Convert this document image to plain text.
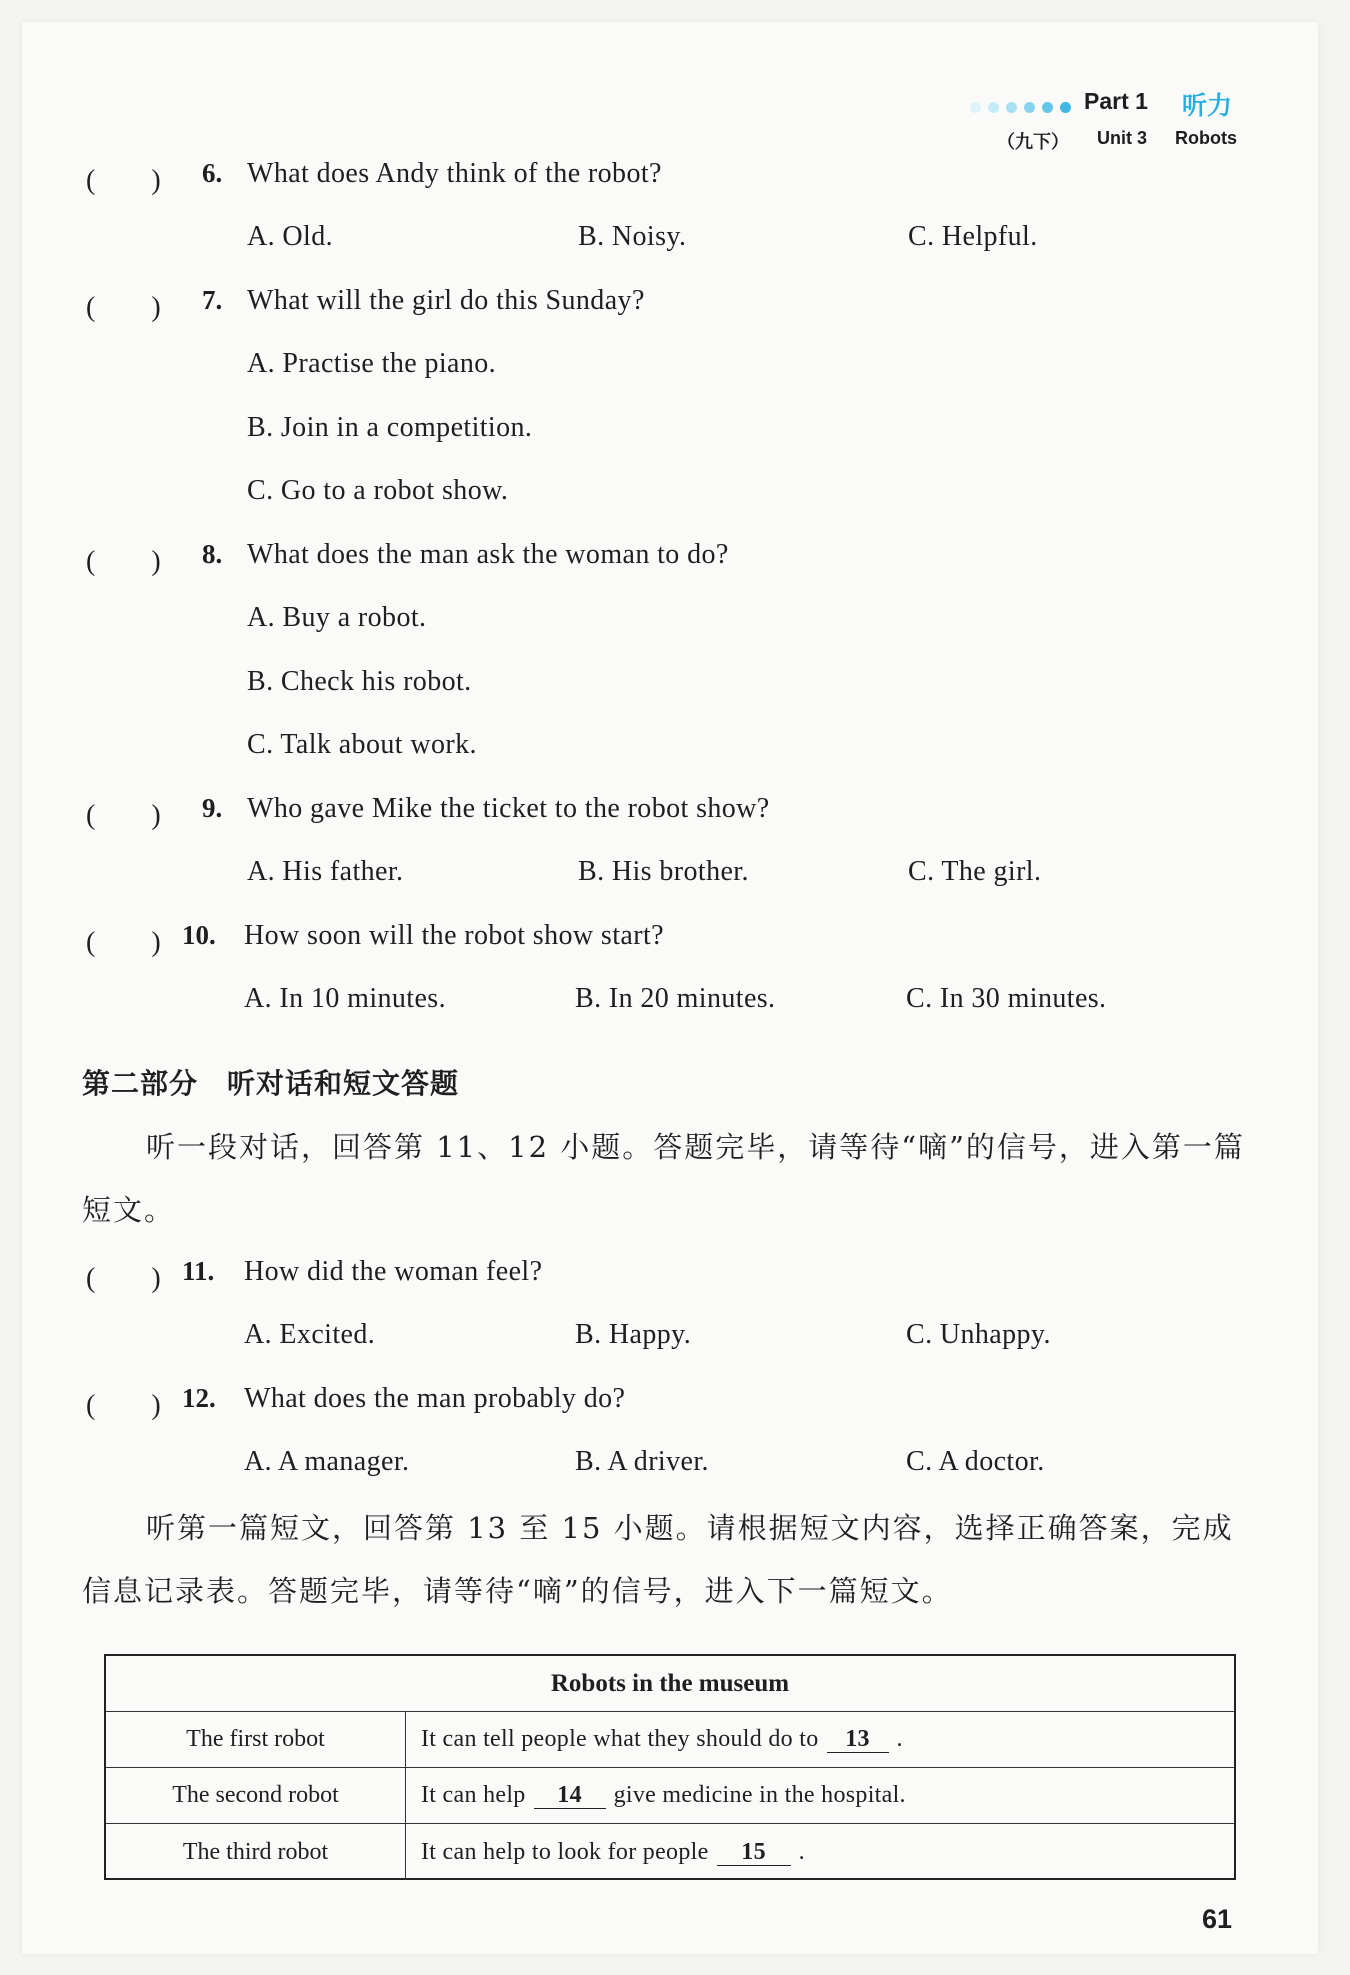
Part 1 听力
（九下） Unit 3 Robots
(　　) 6. What does Andy think of the robot?
A. Old.	B. Noisy.	C. Helpful.
(　　) 7. What will the girl do this Sunday?
A. Practise the piano.
B. Join in a competition.
C. Go to a robot show.
(　　) 8. What does the man ask the woman to do?
A. Buy a robot.
B. Check his robot.
C. Talk about work.
(　　) 9. Who gave Mike the ticket to the robot show?
A. His father.	B. His brother.	C. The girl.
(　　) 10. How soon will the robot show start?
A. In 10 minutes.	B. In 20 minutes.	C. In 30 minutes.
第二部分　听对话和短文答题
听一段对话，回答第 11、12 小题。答题完毕，请等待“嘀”的信号，进入第一篇
短文。
(　　) 11. How did the woman feel?
A. Excited.	B. Happy.	C. Unhappy.
(　　) 12. What does the man probably do?
A. A manager.	B. A driver.	C. A doctor.
听第一篇短文，回答第 13 至 15 小题。请根据短文内容，选择正确答案，完成
信息记录表。答题完毕，请等待“嘀”的信号，进入下一篇短文。
Robots in the museum
The first robot	It can tell people what they should do to	13	.
The second robot	It can help	14	give medicine in the hospital.
The third robot	It can help to look for people	15	.
61
